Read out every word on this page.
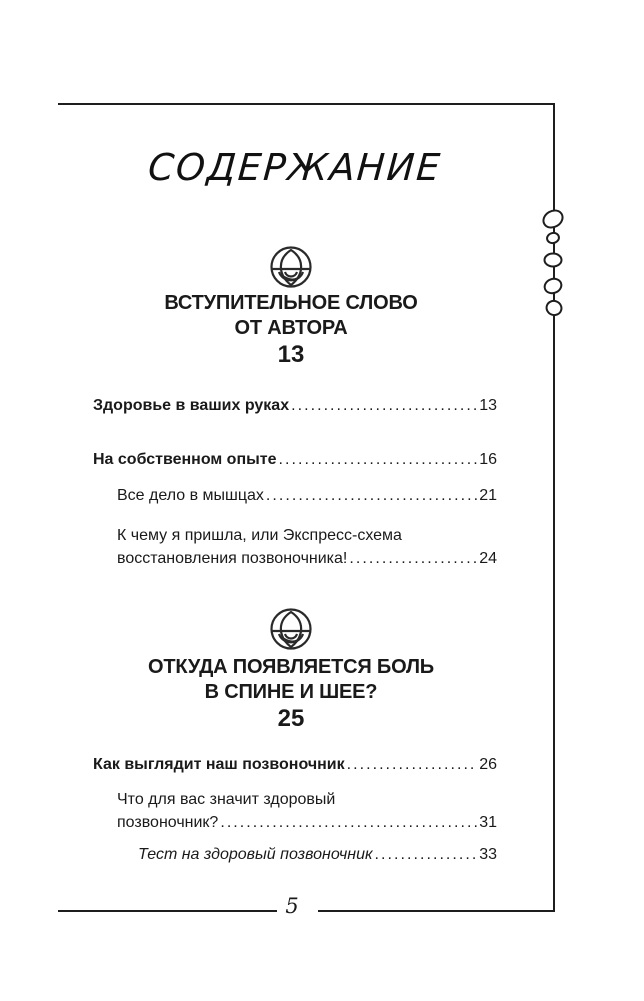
СОДЕРЖАНИЕ
ВСТУПИТЕЛЬНОЕ СЛОВО
ОТ АВТОРА
13
Здоровье в ваших руках . . .	13
На собственном опыте . . .	16
Все дело в мышцах . . .	21
К чему я пришла, или Экспресс-схема
восстановления позвоночника! . . .	24
ОТКУДА ПОЯВЛЯЕТСЯ БОЛЬ
В СПИНЕ И ШЕЕ?
25
Как выглядит наш позвоночник . . .	26
Что для вас значит здоровый
позвоночник? . . .	31
Тест на здоровый позвоночник . . .	33
5
